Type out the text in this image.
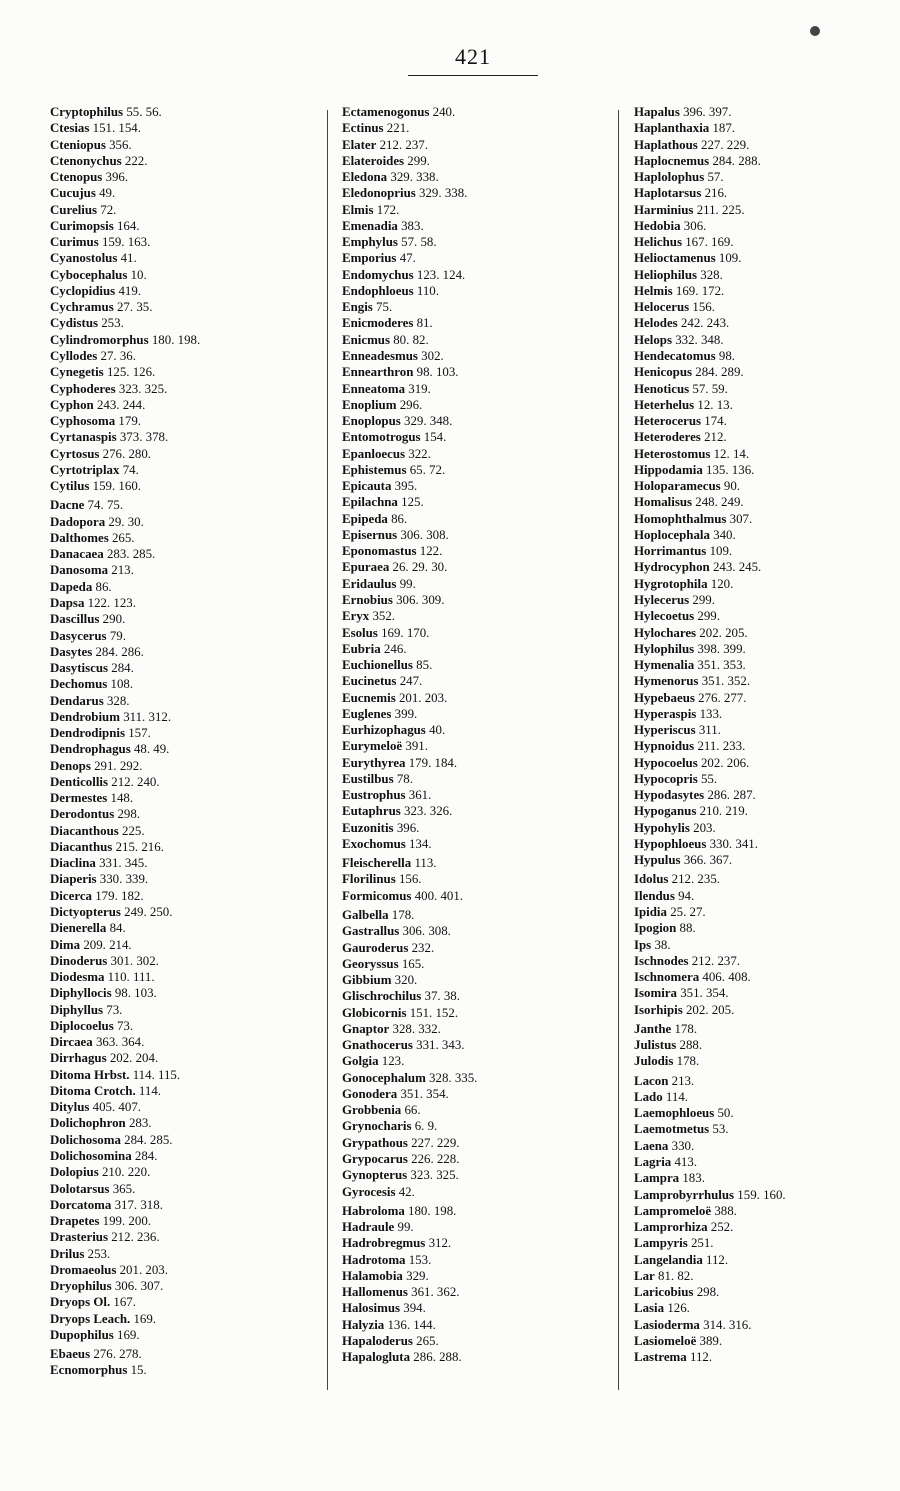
421
Cryptophilus 55. 56.
Ctesias 151. 154.
Cteniopus 356.
Ctenonychus 222.
Ctenopus 396.
Cucujus 49.
Curelius 72.
Curimopsis 164.
Curimus 159. 163.
Cyanostolus 41.
Cybocephalus 10.
Cyclopidius 419.
Cychramus 27. 35.
Cydistus 253.
Cylindromorphus 180. 198.
Cyllodes 27. 36.
Cynegetis 125. 126.
Cyphoderes 323. 325.
Cyphon 243. 244.
Cyphosoma 179.
Cyrtanaspis 373. 378.
Cyrtosus 276. 280.
Cyrtotriplax 74.
Cytilus 159. 160.
Dacne 74. 75.
Dadopora 29. 30.
Dalthomes 265.
Danacaea 283. 285.
Danosoma 213.
Dapeda 86.
Dapsa 122. 123.
Dascillus 290.
Dasycerus 79.
Dasytes 284. 286.
Dasytiscus 284.
Dechomus 108.
Dendarus 328.
Dendrobium 311. 312.
Dendrodipnis 157.
Dendrophagus 48. 49.
Denops 291. 292.
Denticollis 212. 240.
Dermestes 148.
Derodontus 298.
Diacanthous 225.
Diacanthus 215. 216.
Diaclina 331. 345.
Diaperis 330. 339.
Dicerca 179. 182.
Dictyopterus 249. 250.
Dienerella 84.
Dima 209. 214.
Dinoderus 301. 302.
Diodesma 110. 111.
Diphyllocis 98. 103.
Diphyllus 73.
Diplocoelus 73.
Dircaea 363. 364.
Dirrhagus 202. 204.
Ditoma Hrbst. 114. 115.
Ditoma Crotch. 114.
Ditylus 405. 407.
Dolichophron 283.
Dolichosoma 284. 285.
Dolichosomina 284.
Dolopius 210. 220.
Dolotarsus 365.
Dorcatoma 317. 318.
Drapetes 199. 200.
Drasterius 212. 236.
Drilus 253.
Dromaeolus 201. 203.
Dryophilus 306. 307.
Dryops Ol. 167.
Dryops Leach. 169.
Dupophilus 169.
Ebaeus 276. 278.
Ecnomorphus 15.
Ectamenogonus 240.
Ectinus 221.
Elater 212. 237.
Elateroides 299.
Eledona 329. 338.
Eledonoprius 329. 338.
Elmis 172.
Emenadia 383.
Emphylus 57. 58.
Emporius 47.
Endomychus 123. 124.
Endophloeus 110.
Engis 75.
Enicmoderes 81.
Enicmus 80. 82.
Enneadesmus 302.
Ennearthron 98. 103.
Enneatoma 319.
Enoplium 296.
Enoplopus 329. 348.
Entomotrogus 154.
Epanloecus 322.
Ephistemus 65. 72.
Epicauta 395.
Epilachna 125.
Epipeda 86.
Episernus 306. 308.
Eponomastus 122.
Epuraea 26. 29. 30.
Eridaulus 99.
Ernobius 306. 309.
Eryx 352.
Esolus 169. 170.
Eubria 246.
Euchionellus 85.
Eucinetus 247.
Eucnemis 201. 203.
Euglenes 399.
Eurhizophagus 40.
Eurymeloë 391.
Eurythyrea 179. 184.
Eustilbus 78.
Eustrophus 361.
Eutaphrus 323. 326.
Euzonitis 396.
Exochomus 134.
Fleischerella 113.
Florilinus 156.
Formicomus 400. 401.
Galbella 178.
Gastrallus 306. 308.
Gauroderus 232.
Georyssus 165.
Gibbium 320.
Glischrochilus 37. 38.
Globicornis 151. 152.
Gnaptor 328. 332.
Gnathocerus 331. 343.
Golgia 123.
Gonocephalum 328. 335.
Gonodera 351. 354.
Grobbenia 66.
Grynocharis 6. 9.
Grypathous 227. 229.
Grypocarus 226. 228.
Gynopterus 323. 325.
Gyrocesis 42.
Habroloma 180. 198.
Hadraule 99.
Hadrobregmus 312.
Hadrotoma 153.
Halamobia 329.
Hallomenus 361. 362.
Halosimus 394.
Halyzia 136. 144.
Hapaloderus 265.
Hapalogluta 286. 288.
Hapalus 396. 397.
Haplanthaxia 187.
Haplathous 227. 229.
Haplocnemus 284. 288.
Haplolophus 57.
Haplotarsus 216.
Harminius 211. 225.
Hedobia 306.
Helichus 167. 169.
Helioctamenus 109.
Heliophilus 328.
Helmis 169. 172.
Helocerus 156.
Helodes 242. 243.
Helops 332. 348.
Hendecatomus 98.
Henicopus 284. 289.
Henoticus 57. 59.
Heterhelus 12. 13.
Heterocerus 174.
Heteroderes 212.
Heterostomus 12. 14.
Hippodamia 135. 136.
Holoparamecus 90.
Homalisus 248. 249.
Homophthalmus 307.
Hoplocephala 340.
Horrimantus 109.
Hydrocyphon 243. 245.
Hygrotophila 120.
Hylecerus 299.
Hylecoetus 299.
Hylochares 202. 205.
Hylophilus 398. 399.
Hymenalia 351. 353.
Hymenorus 351. 352.
Hypebaeus 276. 277.
Hyperaspis 133.
Hyperiscus 311.
Hypnoidus 211. 233.
Hypocoelus 202. 206.
Hypocopris 55.
Hypodasytes 286. 287.
Hypoganus 210. 219.
Hypohylis 203.
Hypophloeus 330. 341.
Hypulus 366. 367.
Idolus 212. 235.
Ilendus 94.
Ipidia 25. 27.
Ipogion 88.
Ips 38.
Ischnodes 212. 237.
Ischnomera 406. 408.
Isomira 351. 354.
Isorhipis 202. 205.
Janthe 178.
Julistus 288.
Julodis 178.
Lacon 213.
Lado 114.
Laemophloeus 50.
Laemotmetus 53.
Laena 330.
Lagria 413.
Lampra 183.
Lamprobyrrhulus 159. 160.
Lampromeloë 388.
Lamprorhiza 252.
Lampyris 251.
Langelandia 112.
Lar 81. 82.
Laricobius 298.
Lasia 126.
Lasioderma 314. 316.
Lasiomeloë 389.
Lastrema 112.
